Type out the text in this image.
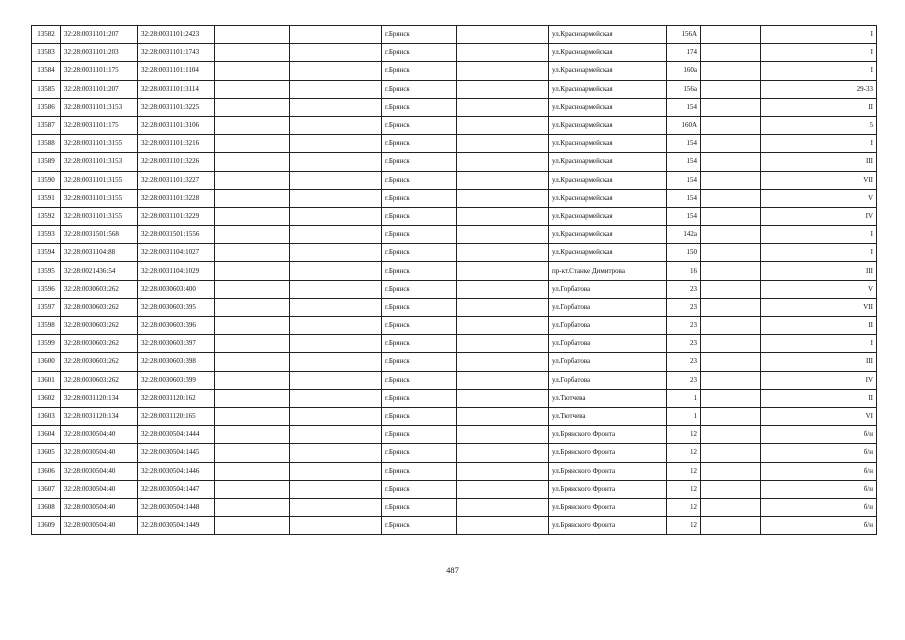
13582	32:28:0031101:207	32:28:0031101:2423			г.Брянск		ул.Красноармейская	156А		I
13583	32:28:0031101:203	32:28:0031101:1743			г.Брянск		ул.Красноармейская	174		I
13584	32:28:0031101:175	32:28:0031101:1104			г.Брянск		ул.Красноармейская	160а		I
13585	32:28:0031101:207	32:28:0031101:3114			г.Брянск		ул.Красноармейская	156а		29-33
13586	32:28:0031101:3153	32:28:0031101:3225			г.Брянск		ул.Красноармейская	154		II
13587	32:28:0031101:175	32:28:0031101:3106			г.Брянск		ул.Красноармейская	160А		5
13588	32:28:0031101:3155	32:28:0031101:3216			г.Брянск		ул.Красноармейская	154		I
13589	32:28:0031101:3153	32:28:0031101:3226			г.Брянск		ул.Красноармейская	154		III
13590	32:28:0031101:3155	32:28:0031101:3227			г.Брянск		ул.Красноармейская	154		VII
13591	32:28:0031101:3155	32:28:0031101:3228			г.Брянск		ул.Красноармейская	154		V
13592	32:28:0031101:3155	32:28:0031101:3229			г.Брянск		ул.Красноармейская	154		IV
13593	32:28:0031501:568	32:28:0031501:1556			г.Брянск		ул.Красноармейская	142а		I
13594	32:28:0031104:88	32:28:0031104:1027			г.Брянск		ул.Красноармейская	150		I
13595	32:28:0021436:54	32:28:0031104:1029			г.Брянск		пр-кт.Станке Димитрова	16		III
13596	32:28:0030603:262	32:28:0030603:400			г.Брянск		ул.Горбатова	23		V
13597	32:28:0030603:262	32:28:0030603:395			г.Брянск		ул.Горбатова	23		VII
13598	32:28:0030603:262	32:28:0030603:396			г.Брянск		ул.Горбатова	23		II
13599	32:28:0030603:262	32:28:0030603:397			г.Брянск		ул.Горбатова	23		I
13600	32:28:0030603:262	32:28:0030603:398			г.Брянск		ул.Горбатова	23		III
13601	32:28:0030603:262	32:28:0030603:399			г.Брянск		ул.Горбатова	23		IV
13602	32:28:0031120:134	32:28:0031120:162			г.Брянск		ул.Тютчева	1		II
13603	32:28:0031120:134	32:28:0031120:165			г.Брянск		ул.Тютчева	1		VI
13604	32:28:0030504:40	32:28:0030504:1444			г.Брянск		ул.Брянского Фронта	12		б/н
13605	32:28:0030504:40	32:28:0030504:1445			г.Брянск		ул.Брянского Фронта	12		б/н
13606	32:28:0030504:40	32:28:0030504:1446			г.Брянск		ул.Брянского Фронта	12		б/н
13607	32:28:0030504:40	32:28:0030504:1447			г.Брянск		ул.Брянского Фронта	12		б/н
13608	32:28:0030504:40	32:28:0030504:1448			г.Брянск		ул.Брянского Фронта	12		б/н
13609	32:28:0030504:40	32:28:0030504:1449			г.Брянск		ул.Брянского Фронта	12		б/н
487
